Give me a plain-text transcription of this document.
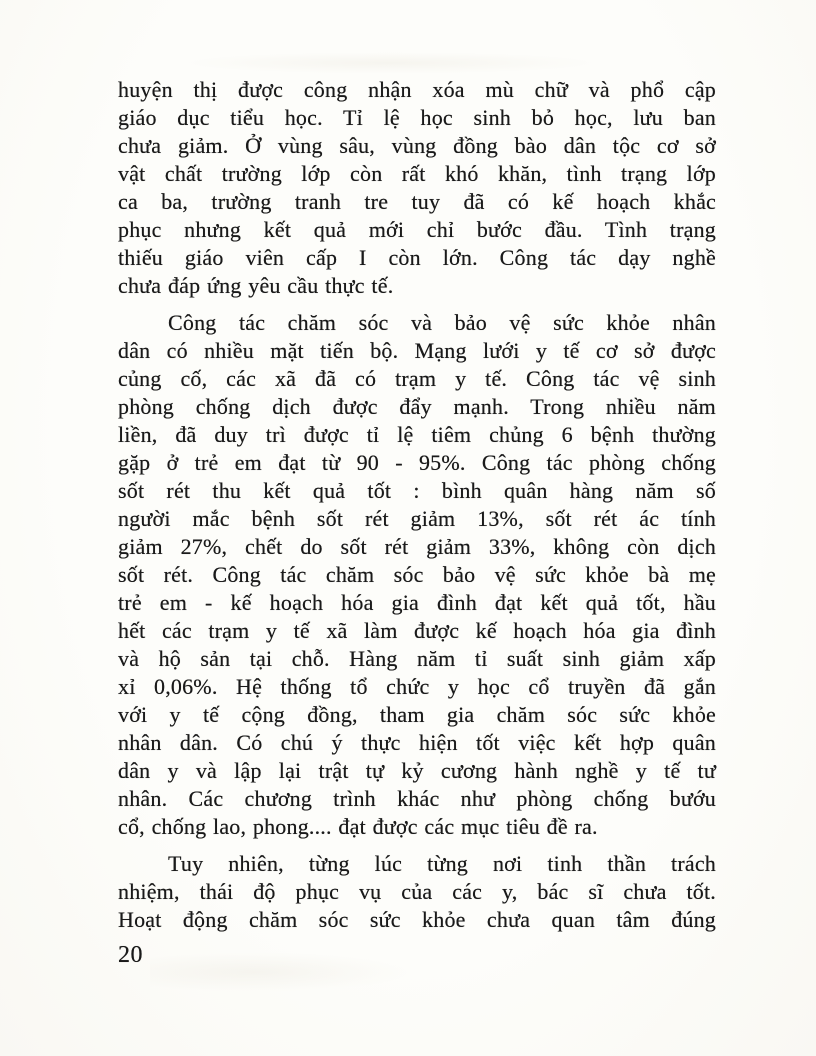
huyện thị được công nhận xóa mù chữ và phổ cập
giáo dục tiểu học. Tỉ lệ học sinh bỏ học, lưu ban
chưa giảm. Ở vùng sâu, vùng đồng bào dân tộc cơ sở
vật chất trường lớp còn rất khó khăn, tình trạng lớp
ca ba, trường tranh tre tuy đã có kế hoạch khắc
phục nhưng kết quả mới chỉ bước đầu. Tình trạng
thiếu giáo viên cấp I còn lớn. Công tác dạy nghề
chưa đáp ứng yêu cầu thực tế.
Công tác chăm sóc và bảo vệ sức khỏe nhân
dân có nhiều mặt tiến bộ. Mạng lưới y tế cơ sở được
củng cố, các xã đã có trạm y tế. Công tác vệ sinh
phòng chống dịch được đẩy mạnh. Trong nhiều năm
liền, đã duy trì được tỉ lệ tiêm chủng 6 bệnh thường
gặp ở trẻ em đạt từ 90 - 95%. Công tác phòng chống
sốt rét thu kết quả tốt : bình quân hàng năm số
người mắc bệnh sốt rét giảm 13%, sốt rét ác tính
giảm 27%, chết do sốt rét giảm 33%, không còn dịch
sốt rét. Công tác chăm sóc bảo vệ sức khỏe bà mẹ
trẻ em - kế hoạch hóa gia đình đạt kết quả tốt, hầu
hết các trạm y tế xã làm được kế hoạch hóa gia đình
và hộ sản tại chỗ. Hàng năm tỉ suất sinh giảm xấp
xỉ 0,06%. Hệ thống tổ chức y học cổ truyền đã gắn
với y tế cộng đồng, tham gia chăm sóc sức khỏe
nhân dân. Có chú ý thực hiện tốt việc kết hợp quân
dân y và lập lại trật tự kỷ cương hành nghề y tế tư
nhân. Các chương trình khác như phòng chống bướu
cổ, chống lao, phong.... đạt được các mục tiêu đề ra.
Tuy nhiên, từng lúc từng nơi tinh thần trách
nhiệm, thái độ phục vụ của các y, bác sĩ chưa tốt.
Hoạt động chăm sóc sức khỏe chưa quan tâm đúng
20
